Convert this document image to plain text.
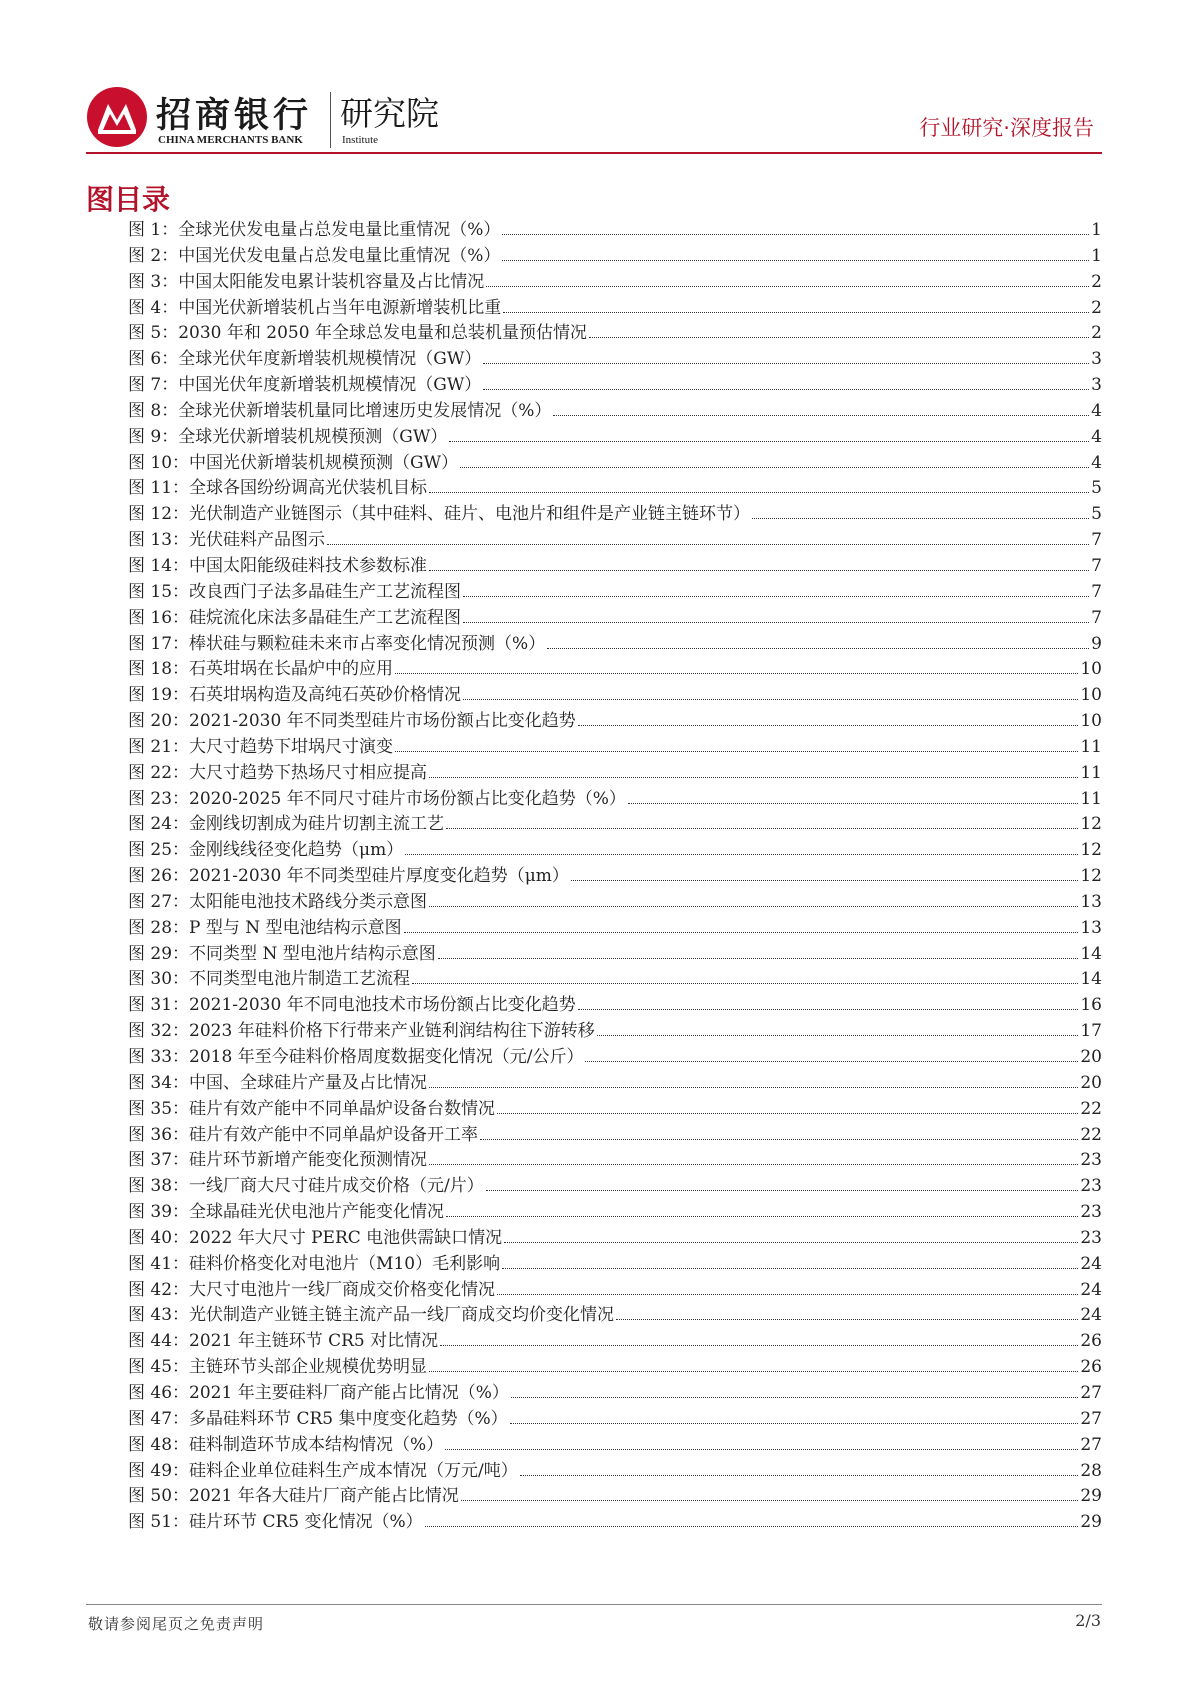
招商银行
CHINA MERCHANTS BANK
研究院
Institute	行业研究·深度报告
图目录
图 1： 全球光伏发电量占总发电量比重情况（%）	1
图 2： 中国光伏发电量占总发电量比重情况（%）	1
图 3： 中国太阳能发电累计装机容量及占比情况	2
图 4： 中国光伏新增装机占当年电源新增装机比重	2
图 5： 2030 年和 2050 年全球总发电量和总装机量预估情况	2
图 6： 全球光伏年度新增装机规模情况（GW）	3
图 7： 中国光伏年度新增装机规模情况（GW）	3
图 8： 全球光伏新增装机量同比增速历史发展情况（%）	4
图 9： 全球光伏新增装机规模预测（GW）	4
图 10： 中国光伏新增装机规模预测（GW）	4
图 11： 全球各国纷纷调高光伏装机目标	5
图 12： 光伏制造产业链图示（其中硅料、硅片、电池片和组件是产业链主链环节）	5
图 13： 光伏硅料产品图示	7
图 14： 中国太阳能级硅料技术参数标准	7
图 15： 改良西门子法多晶硅生产工艺流程图	7
图 16： 硅烷流化床法多晶硅生产工艺流程图	7
图 17： 棒状硅与颗粒硅未来市占率变化情况预测（%）	9
图 18： 石英坩埚在长晶炉中的应用	10
图 19： 石英坩埚构造及高纯石英砂价格情况	10
图 20： 2021-2030 年不同类型硅片市场份额占比变化趋势	10
图 21： 大尺寸趋势下坩埚尺寸演变	11
图 22： 大尺寸趋势下热场尺寸相应提高	11
图 23： 2020-2025 年不同尺寸硅片市场份额占比变化趋势（%）	11
图 24： 金刚线切割成为硅片切割主流工艺	12
图 25： 金刚线线径变化趋势（μm）	12
图 26： 2021-2030 年不同类型硅片厚度变化趋势（μm）	12
图 27： 太阳能电池技术路线分类示意图	13
图 28： P 型与 N 型电池结构示意图	13
图 29： 不同类型 N 型电池片结构示意图	14
图 30： 不同类型电池片制造工艺流程	14
图 31： 2021-2030 年不同电池技术市场份额占比变化趋势	16
图 32： 2023 年硅料价格下行带来产业链利润结构往下游转移	17
图 33： 2018 年至今硅料价格周度数据变化情况（元/公斤）	20
图 34： 中国、全球硅片产量及占比情况	20
图 35： 硅片有效产能中不同单晶炉设备台数情况	22
图 36： 硅片有效产能中不同单晶炉设备开工率	22
图 37： 硅片环节新增产能变化预测情况	23
图 38： 一线厂商大尺寸硅片成交价格（元/片）	23
图 39： 全球晶硅光伏电池片产能变化情况	23
图 40： 2022 年大尺寸 PERC 电池供需缺口情况	23
图 41： 硅料价格变化对电池片（M10）毛利影响	24
图 42： 大尺寸电池片一线厂商成交价格变化情况	24
图 43： 光伏制造产业链主链主流产品一线厂商成交均价变化情况	24
图 44： 2021 年主链环节 CR5 对比情况	26
图 45： 主链环节头部企业规模优势明显	26
图 46： 2021 年主要硅料厂商产能占比情况（%）	27
图 47： 多晶硅料环节 CR5 集中度变化趋势（%）	27
图 48： 硅料制造环节成本结构情况（%）	27
图 49： 硅料企业单位硅料生产成本情况（万元/吨）	28
图 50： 2021 年各大硅片厂商产能占比情况	29
图 51： 硅片环节 CR5 变化情况（%）	29
敬请参阅尾页之免责声明	2/3
